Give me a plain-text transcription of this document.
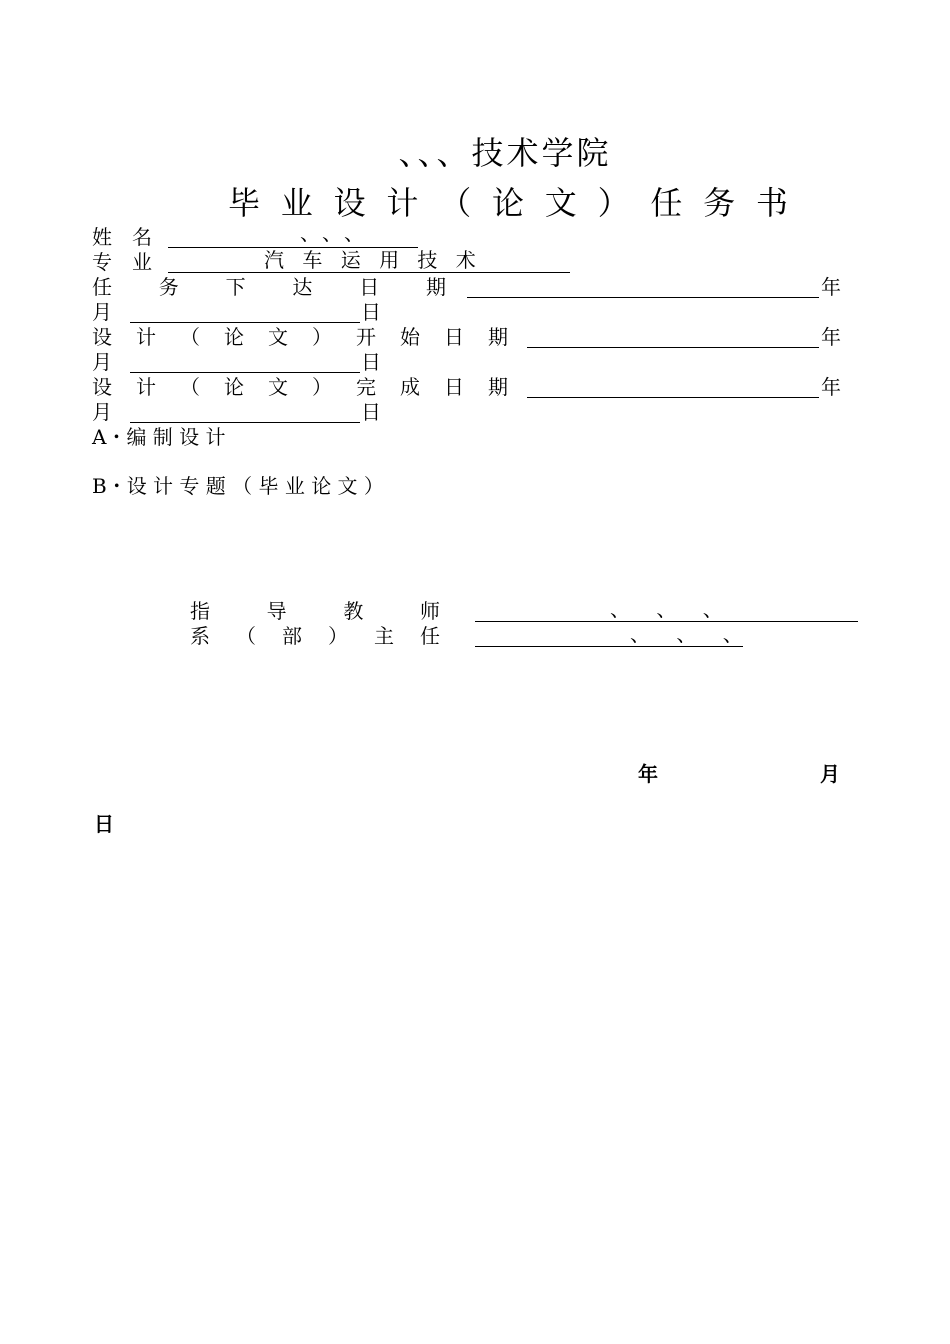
、、、技术学院
毕业设计（论文）任务书
姓 名	、、、
专 业	汽 车 运 用 技 术
任务下达日期	年
月	日
设计（论文）开始日期	年
月	日
设计（论文）完成日期	年
月	日
A・编 制 设 计
B・设 计 专 题 （ 毕 业 论 文 ）
指导教师	、 、 、
系（部）主任	、 、 、
年	月
日
